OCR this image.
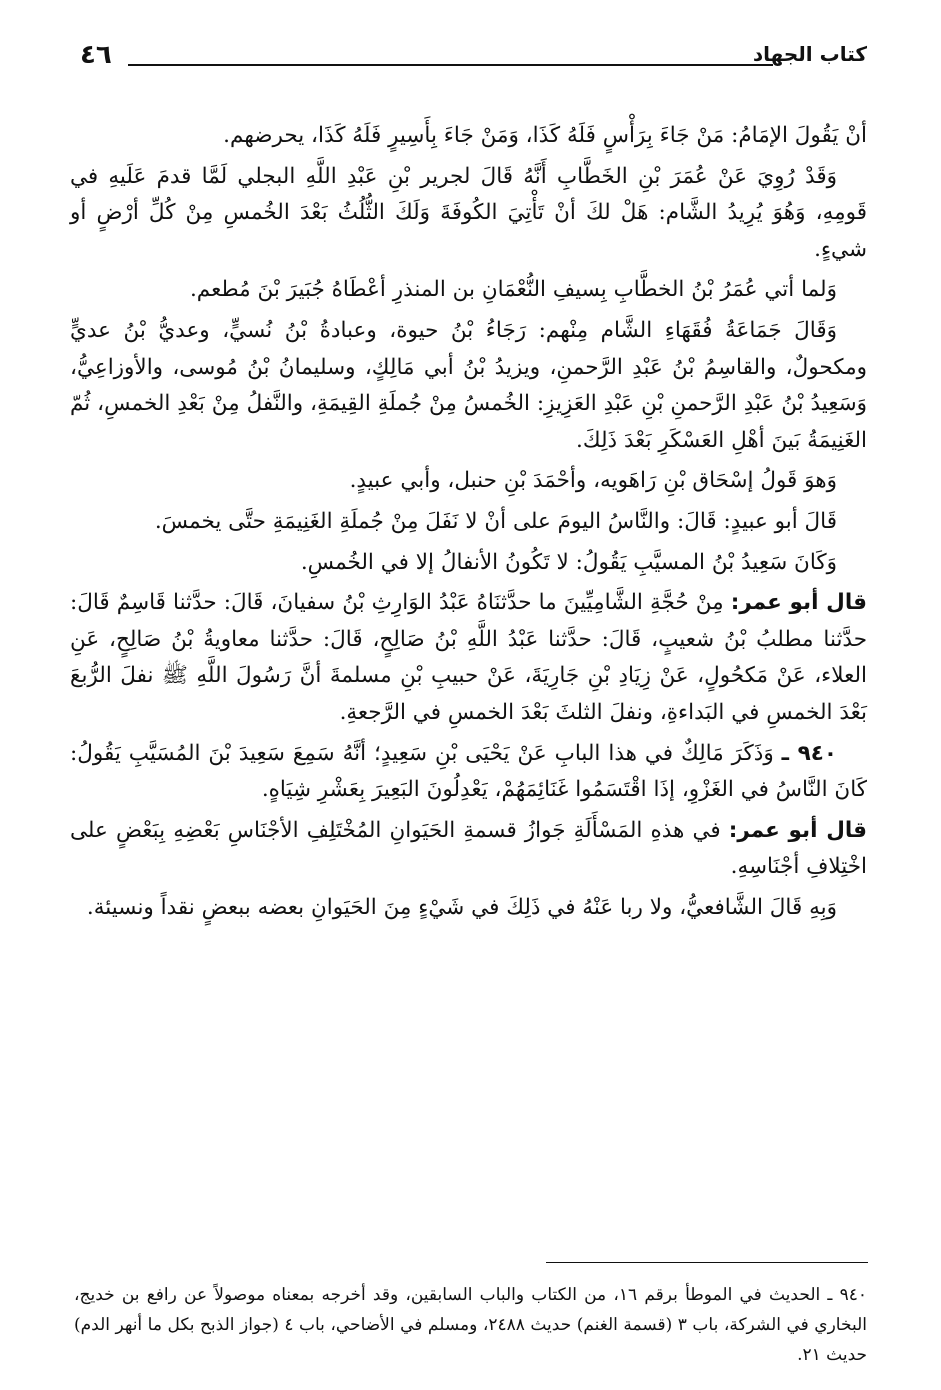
٤٦	كتاب الجهاد

أنْ يَقُولَ الإمَامُ: مَنْ جَاءَ بِرَأْسٍ فَلَهُ كَذَا، وَمَنْ جَاءَ بِأَسِيرٍ فَلَهُ كَذَا، يحرضهم.

وَقَدْ رُوِيَ عَنْ عُمَرَ بْنِ الخَطَّابِ أَنَّهُ قَالَ لجرير بْنِ عَبْدِ اللَّهِ البجلي لَمَّا قدمَ عَلَيهِ في قَومِهِ، وَهُوَ يُرِيدُ الشَّام: هَلْ لكَ أنْ تَأْتِيَ الكُوفَةَ وَلَكَ الثُّلُثُ بَعْدَ الخُمسِ مِنْ كُلِّ أرْضٍ أو شيءٍ.

وَلما أتي عُمَرُ بْنُ الخطَّابِ بِسيفِ النُّعْمَانِ بن المنذرِ أعْطَاهُ جُبَيرَ بْنَ مُطعم.

وَقَالَ جَمَاعَةُ فُقَهَاءِ الشَّام مِنْهم: رَجَاءُ بْنُ حيوة، وعبادةُ بْنُ نُسيٍّ، وعديُّ بْنُ عديٍّ ومكحولٌ، والقاسِمُ بْنُ عَبْدِ الرَّحمنِ، ويزيدُ بْنُ أبي مَالِكٍ، وسليمانُ بْنُ مُوسى، والأوزاعِيُّ، وَسَعِيدُ بْنُ عَبْدِ الرَّحمنِ بْنِ عَبْدِ العَزِيزِ: الخُمسُ مِنْ جُملَةِ القِيمَةِ، والنَّفلُ مِنْ بَعْدِ الخمسِ، ثُمّ الغَنِيمَةُ بَينَ أهْلِ العَسْكَرِ بَعْدَ ذَلِكَ.

وَهوَ قَولُ إسْحَاق بْنِ رَاهَويه، وأحْمَدَ بْنِ حنبل، وأبي عبيدٍ.

قَالَ أبو عبيدٍ: قَالَ: والنَّاسُ اليومَ على أنْ لا نَفَلَ مِنْ جُملَةِ الغَنِيمَةِ حتَّى يخمسَ.

وَكَانَ سَعِيدُ بْنُ المسيَّبِ يَقُولُ: لا تَكُونُ الأنفالُ إلا في الخُمسِ.

قال أبو عمر: مِنْ حُجَّةِ الشَّامِيِّينَ ما حدَّثنَاهُ عَبْدُ الوَارِثِ بْنُ سفيانَ، قَالَ: حدَّثنا قَاسِمٌ قَالَ: حدَّثنا مطلبُ بْنُ شعيبٍ، قَالَ: حدَّثنا عَبْدُ اللَّهِ بْنُ صَالِحٍ، قَالَ: حدَّثنا معاويةُ بْنُ صَالِحٍ، عَنِ العلاء، عَنْ مَكحُولٍ، عَنْ زِيَادِ بْنِ جَارِيَةَ، عَنْ حبيبِ بْنِ مسلمةَ أنَّ رَسُولَ اللَّهِ ﷺ نفلَ الرُّبعَ بَعْدَ الخمسِ في البَداءةِ، ونفلَ الثلثَ بَعْدَ الخمسِ في الرَّجعةِ.

٩٤٠ ـ وَذَكَرَ مَالِكٌ في هذا البابِ عَنْ يَحْيَى بْنِ سَعِيدٍ؛ أنَّهُ سَمِعَ سَعِيدَ بْنَ المُسَيَّبِ يَقُولُ: كَانَ النَّاسُ في الغَزْوِ، إذَا اقْتَسَمُوا غَنَائِمَهُمْ، يَعْدِلُونَ البَعِيرَ بِعَشْرِ شِيَاهٍ.

قال أبو عمر: في هذهِ المَسْأَلَةِ جَوازُ قسمةِ الحَيَوانِ المُخْتَلِفِ الأجْنَاسِ بَعْضِهِ بِبَعْضٍ على اخْتِلافِ أجْنَاسِهِ.

وَبِهِ قَالَ الشَّافعيُّ، ولا ربا عَنْهُ في ذَلِكَ في شَيْءٍ مِنَ الحَيَوانِ بعضه ببعضٍ نقداً ونسيئة.

٩٤٠ ـ الحديث في الموطأ برقم ١٦، من الكتاب والباب السابقين، وقد أخرجه بمعناه موصولاً عن رافع بن خديج، البخاري في الشركة، باب ٣ (قسمة الغنم) حديث ٢٤٨٨، ومسلم في الأضاحي، باب ٤ (جواز الذبح بكل ما أنهر الدم) حديث ٢١.
